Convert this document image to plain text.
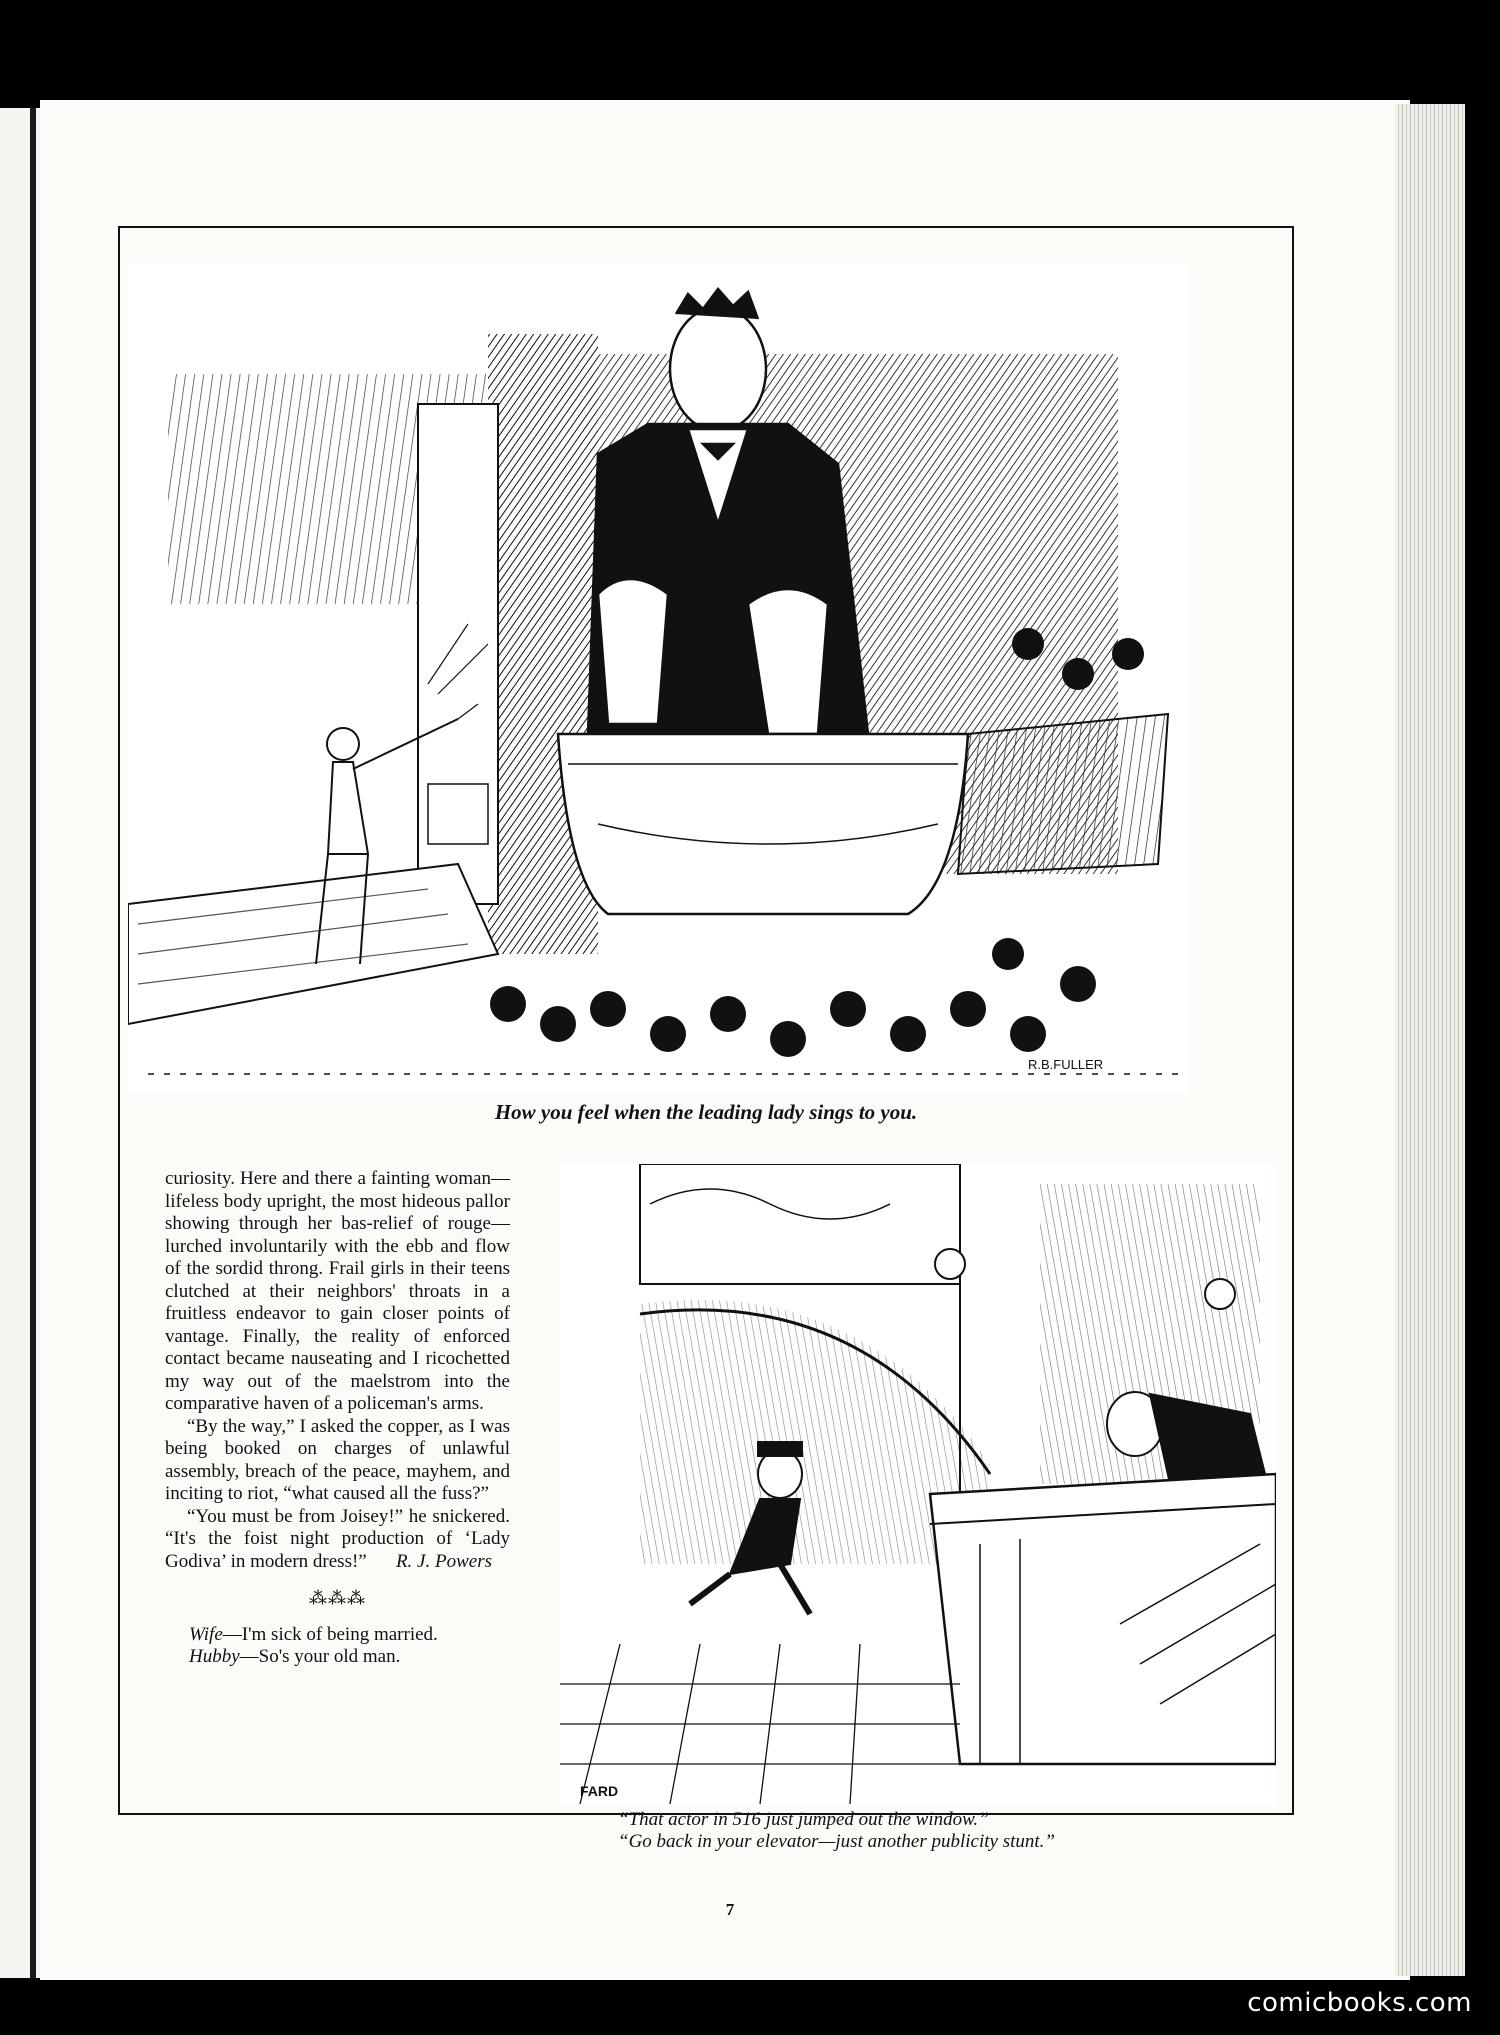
R.B.FULLER
How you feel when the leading lady sings to you.

curiosity. Here and there a fainting woman—lifeless body upright, the most hideous pallor showing through her bas-relief of rouge—lurched involuntarily with the ebb and flow of the sordid throng. Frail girls in their teens clutched at their neighbors' throats in a fruitless endeavor to gain closer points of vantage. Finally, the reality of enforced contact became nauseating and I ricochetted my way out of the maelstrom into the comparative haven of a policeman's arms.

“By the way,” I asked the copper, as I was being booked on charges of unlawful assembly, breach of the peace, mayhem, and inciting to riot, “what caused all the fuss?”

“You must be from Joisey!” he snickered. “It's the foist night production of ‘Lady Godiva’ in modern dress!”	R. J. Powers

⁂⁂⁂
Wife—I'm sick of being married.
Hubby—So's your old man.
FARD
“That actor in 516 just jumped out the window.”
“Go back in your elevator—just another publicity stunt.”
7
comicbooks.com
